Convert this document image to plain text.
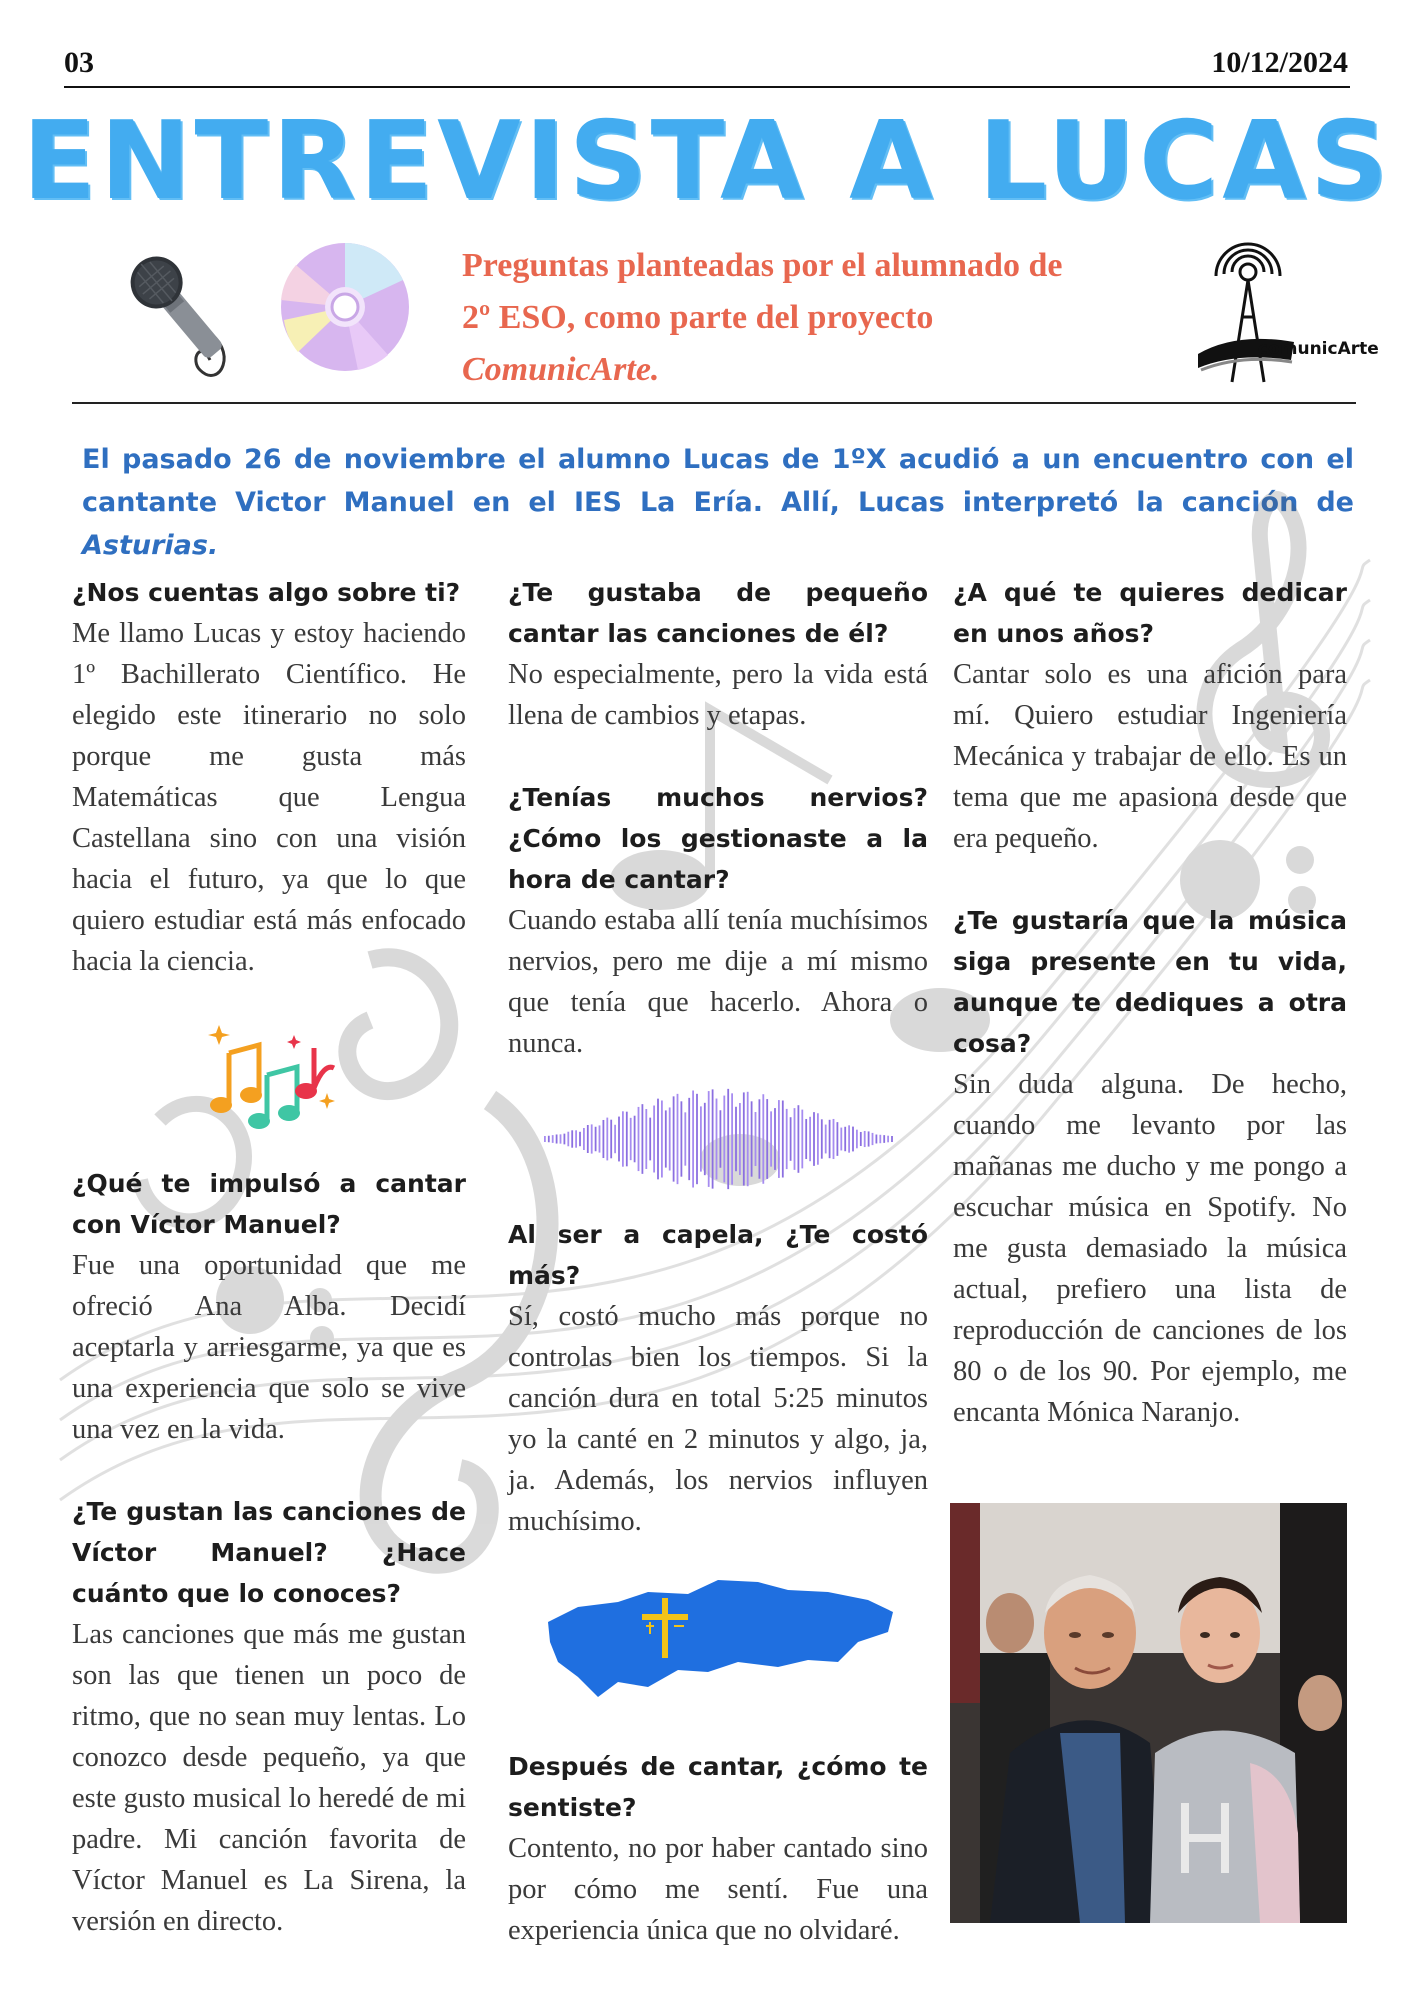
03	10/12/2024
ENTREVISTA A LUCAS
Preguntas planteadas por el alumnado de
2º ESO, como parte del proyecto
ComunicArte.
comunicArte
El pasado 26 de noviembre el alumno Lucas de 1ºX acudió a un encuentro con el cantante Victor Manuel en el IES La Ería. Allí, Lucas interpretó la canción de Asturias.
¿Nos cuentas algo sobre ti?
Me llamo Lucas y estoy haciendo 1º Bachillerato Científico. He elegido este itinerario no solo porque me gusta más Matemáticas que Lengua Castellana sino con una visión hacia el futuro, ya que lo que quiero estudiar está más enfocado hacia la ciencia.
¿Qué te impulsó a cantar con Víctor Manuel?
Fue una oportunidad que me ofreció Ana Alba. Decidí aceptarla y arriesgarme, ya que es una experiencia que solo se vive una vez en la vida.
¿Te gustan las canciones de Víctor Manuel? ¿Hace cuánto que lo conoces?
Las canciones que más me gustan son las que tienen un poco de ritmo, que no sean muy lentas. Lo conozco desde pequeño, ya que este gusto musical lo heredé de mi padre. Mi canción favorita de Víctor Manuel es La Sirena, la versión en directo.
¿Te gustaba de pequeño cantar las canciones de él?
No especialmente, pero la vida está llena de cambios y etapas.
¿Tenías muchos nervios? ¿Cómo los gestionaste a la hora de cantar?
Cuando estaba allí tenía muchísimos nervios, pero me dije a mí mismo que tenía que hacerlo. Ahora o nunca.
Al ser a capela, ¿Te costó más?
Sí, costó mucho más porque no controlas bien los tiempos. Si la canción dura en total 5:25 minutos yo la canté en 2 minutos y algo, ja, ja. Además, los nervios influyen muchísimo.
Después de cantar, ¿cómo te sentiste?
Contento, no por haber cantado sino por cómo me sentí. Fue una experiencia única que no olvidaré.
¿A qué te quieres dedicar en unos años?
Cantar solo es una afición para mí. Quiero estudiar Ingeniería Mecánica y trabajar de ello. Es un tema que me apasiona desde que era pequeño.
¿Te gustaría que la música siga presente en tu vida, aunque te dediques a otra cosa?
Sin duda alguna. De hecho, cuando me levanto por las mañanas me ducho y me pongo a escuchar música en Spotify. No me gusta demasiado la música actual, prefiero una lista de reproducción de canciones de los 80 o de los 90. Por ejemplo, me encanta Mónica Naranjo.
